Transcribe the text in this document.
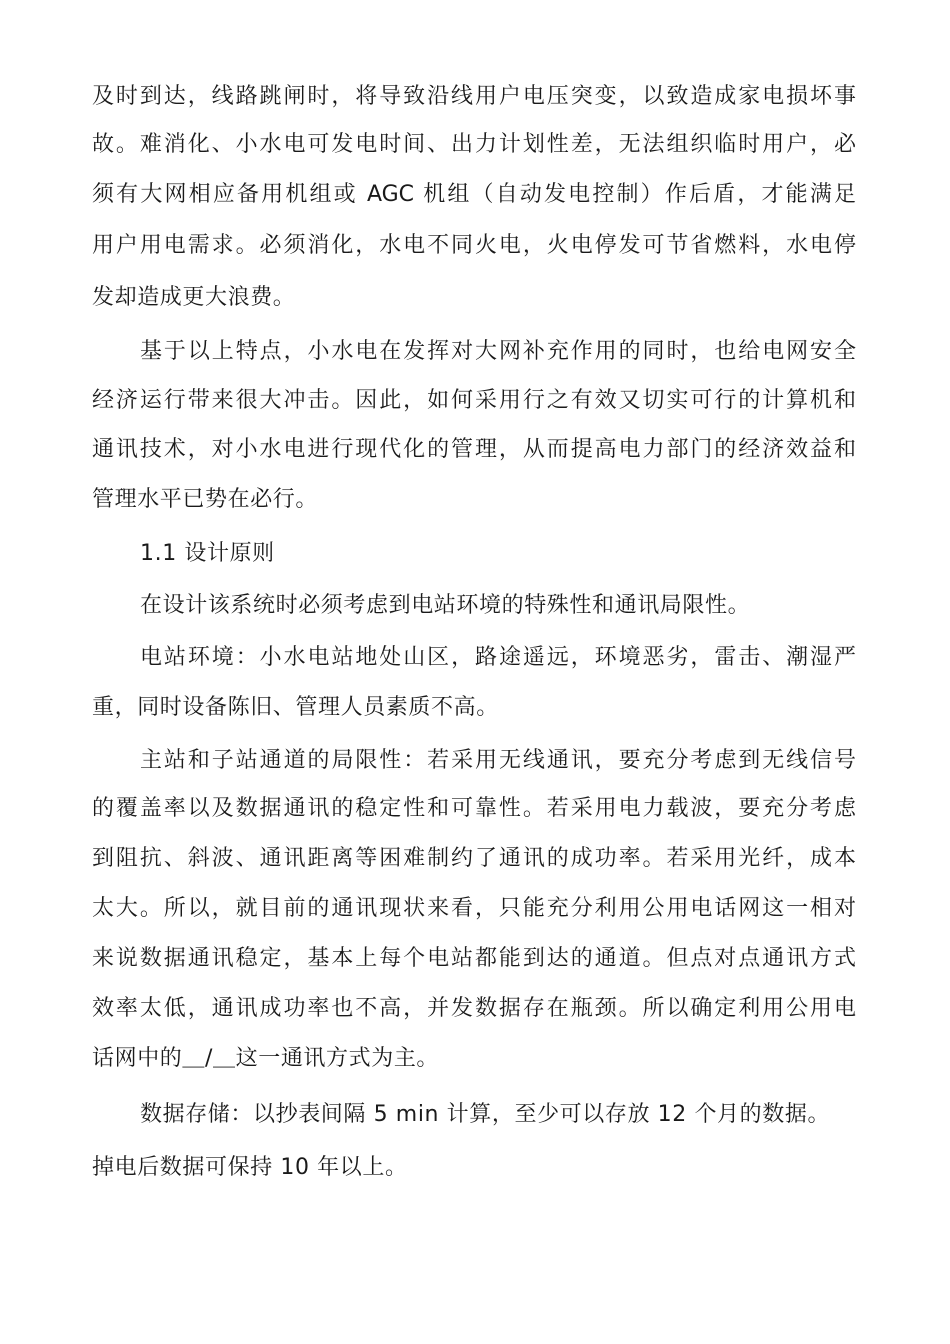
及时到达，线路跳闸时，将导致沿线用户电压突变，以致造成家电损坏事
故。难消化、小水电可发电时间、出力计划性差，无法组织临时用户，必
须有大网相应备用机组或 AGC 机组（自动发电控制）作后盾，才能满足
用户用电需求。必须消化，水电不同火电，火电停发可节省燃料，水电停
发却造成更大浪费。
基于以上特点，小水电在发挥对大网补充作用的同时，也给电网安全
经济运行带来很大冲击。因此，如何采用行之有效又切实可行的计算机和
通讯技术，对小水电进行现代化的管理，从而提高电力部门的经济效益和
管理水平已势在必行。
1.1 设计原则
在设计该系统时必须考虑到电站环境的特殊性和通讯局限性。
电站环境：小水电站地处山区，路途遥远，环境恶劣，雷击、潮湿严
重，同时设备陈旧、管理人员素质不高。
主站和子站通道的局限性：若采用无线通讯，要充分考虑到无线信号
的覆盖率以及数据通讯的稳定性和可靠性。若采用电力载波，要充分考虑
到阻抗、斜波、通讯距离等困难制约了通讯的成功率。若采用光纤，成本
太大。所以，就目前的通讯现状来看，只能充分利用公用电话网这一相对
来说数据通讯稳定，基本上每个电站都能到达的通道。但点对点通讯方式
效率太低，通讯成功率也不高，并发数据存在瓶颈。所以确定利用公用电
话网中的＿/＿这一通讯方式为主。
数据存储：以抄表间隔 5 min 计算，至少可以存放 12 个月的数据。
掉电后数据可保持 10 年以上。
